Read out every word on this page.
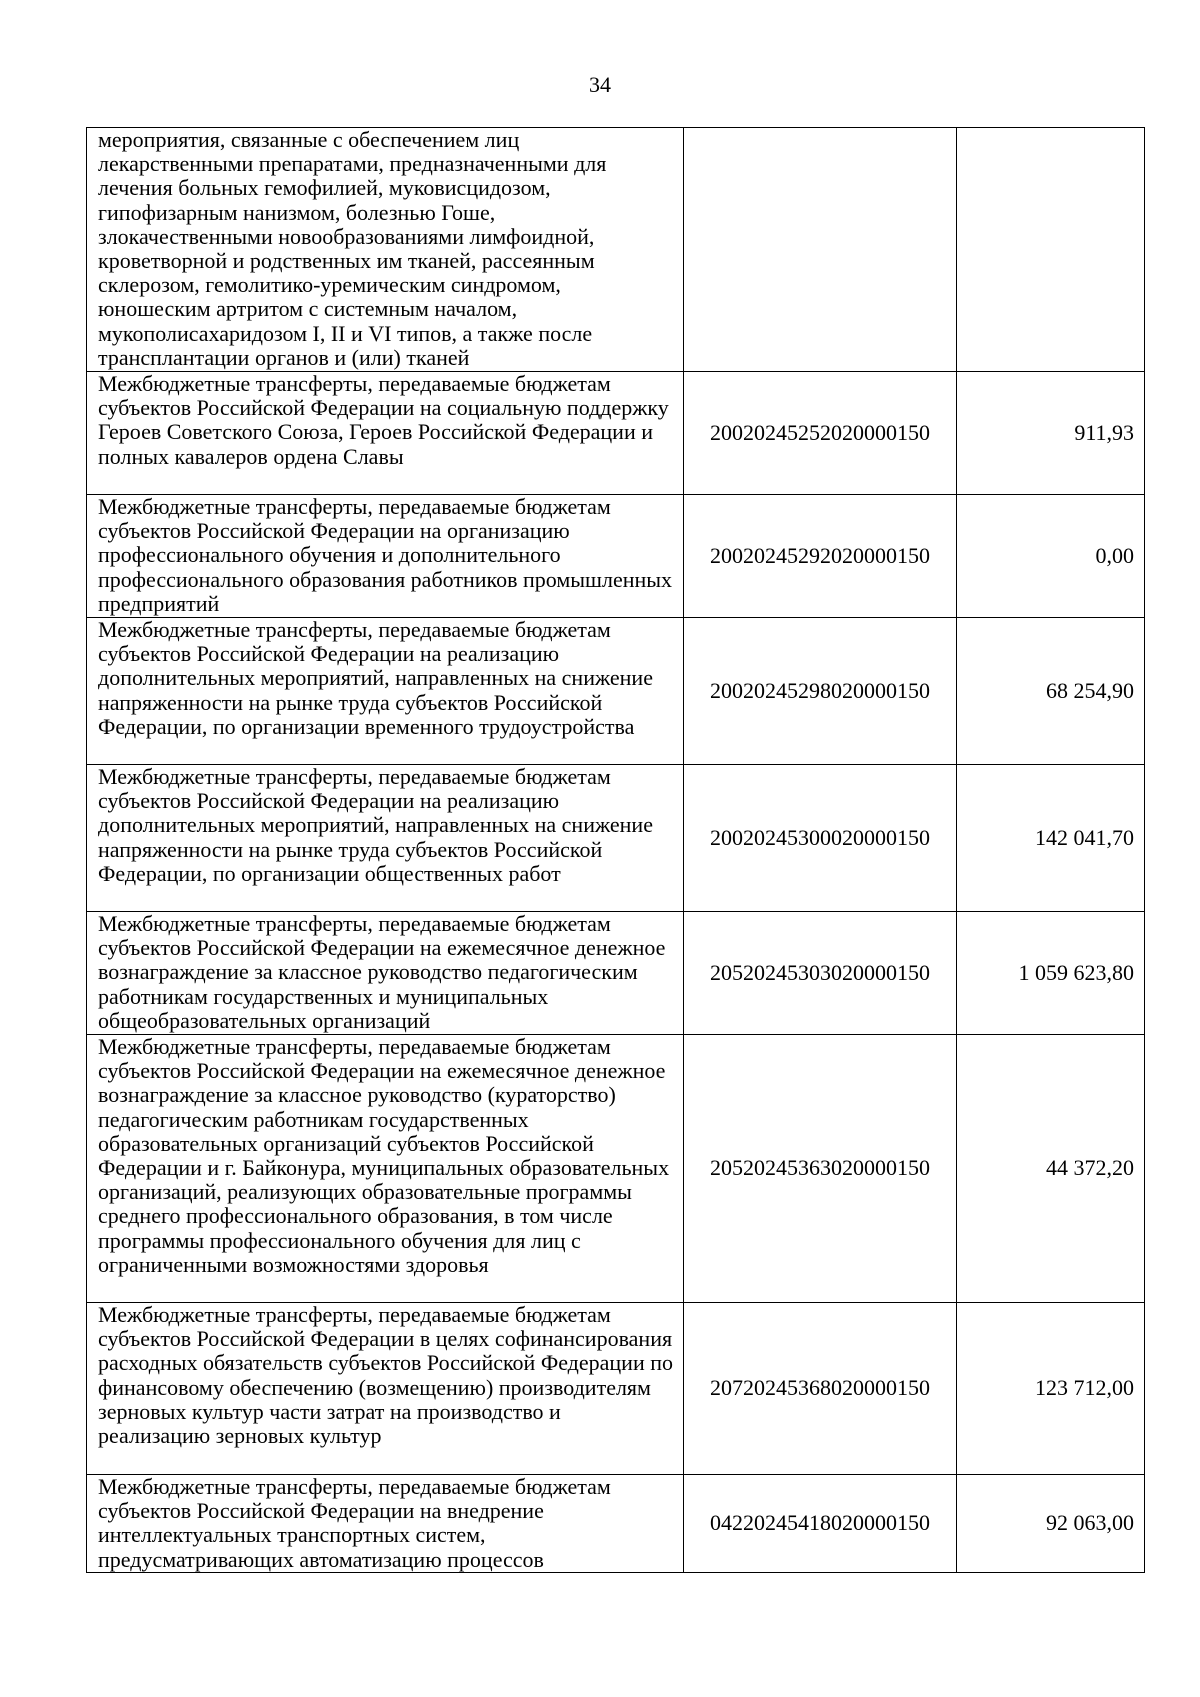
34
мероприятия, связанные с обеспечением лиц лекарственными препаратами, предназначенными для лечения больных гемофилией, муковисцидозом, гипофизарным нанизмом, болезнью Гоше, злокачественными новообразованиями лимфоидной, кроветворной и родственных им тканей, рассеянным склерозом, гемолитико-уремическим синдромом, юношеским артритом с системным началом, мукополисахаридозом I, II и VI типов, а также после трансплантации органов и (или) тканей		
Межбюджетные трансферты, передаваемые бюджетам субъектов Российской Федерации на социальную поддержку Героев Советского Союза, Героев Российской Федерации и полных кавалеров ордена Славы	20020245252020000150	911,93
Межбюджетные трансферты, передаваемые бюджетам субъектов Российской Федерации на организацию профессионального обучения и дополнительного профессионального образования работников промышленных предприятий	20020245292020000150	0,00
Межбюджетные трансферты, передаваемые бюджетам субъектов Российской Федерации на реализацию дополнительных мероприятий, направленных на снижение напряженности на рынке труда субъектов Российской Федерации, по организации временного трудоустройства	20020245298020000150	68 254,90
Межбюджетные трансферты, передаваемые бюджетам субъектов Российской Федерации на реализацию дополнительных мероприятий, направленных на снижение напряженности на рынке труда субъектов Российской Федерации, по организации общественных работ	20020245300020000150	142 041,70
Межбюджетные трансферты, передаваемые бюджетам субъектов Российской Федерации на ежемесячное денежное вознаграждение за классное руководство педагогическим работникам государственных и муниципальных общеобразовательных организаций	20520245303020000150	1 059 623,80
Межбюджетные трансферты, передаваемые бюджетам субъектов Российской Федерации на ежемесячное денежное вознаграждение за классное руководство (кураторство) педагогическим работникам государственных образовательных организаций субъектов Российской Федерации и г. Байконура, муниципальных образовательных организаций, реализующих образовательные программы среднего профессионального образования, в том числе программы профессионального обучения для лиц с ограниченными возможностями здоровья	20520245363020000150	44 372,20
Межбюджетные трансферты, передаваемые бюджетам субъектов Российской Федерации в целях софинансирования расходных обязательств субъектов Российской Федерации по финансовому обеспечению (возмещению) производителям зерновых культур части затрат на производство и реализацию зерновых культур	20720245368020000150	123 712,00
Межбюджетные трансферты, передаваемые бюджетам субъектов Российской Федерации на внедрение интеллектуальных транспортных систем, предусматривающих автоматизацию процессов	04220245418020000150	92 063,00
